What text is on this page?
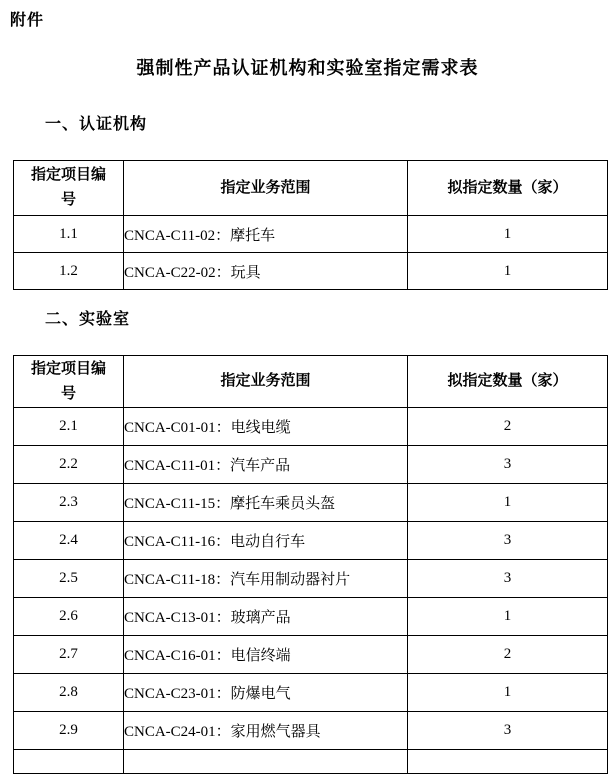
附件
强制性产品认证机构和实验室指定需求表
一、认证机构
指定项目编号	指定业务范围	拟指定数量（家）
1.1	CNCA-C11-02：摩托车	1
1.2	CNCA-C22-02：玩具	1
二、实验室
指定项目编号	指定业务范围	拟指定数量（家）
2.1	CNCA-C01-01：电线电缆	2
2.2	CNCA-C11-01：汽车产品	3
2.3	CNCA-C11-15：摩托车乘员头盔	1
2.4	CNCA-C11-16：电动自行车	3
2.5	CNCA-C11-18：汽车用制动器衬片	3
2.6	CNCA-C13-01：玻璃产品	1
2.7	CNCA-C16-01：电信终端	2
2.8	CNCA-C23-01：防爆电气	1
2.9	CNCA-C24-01：家用燃气器具	3
